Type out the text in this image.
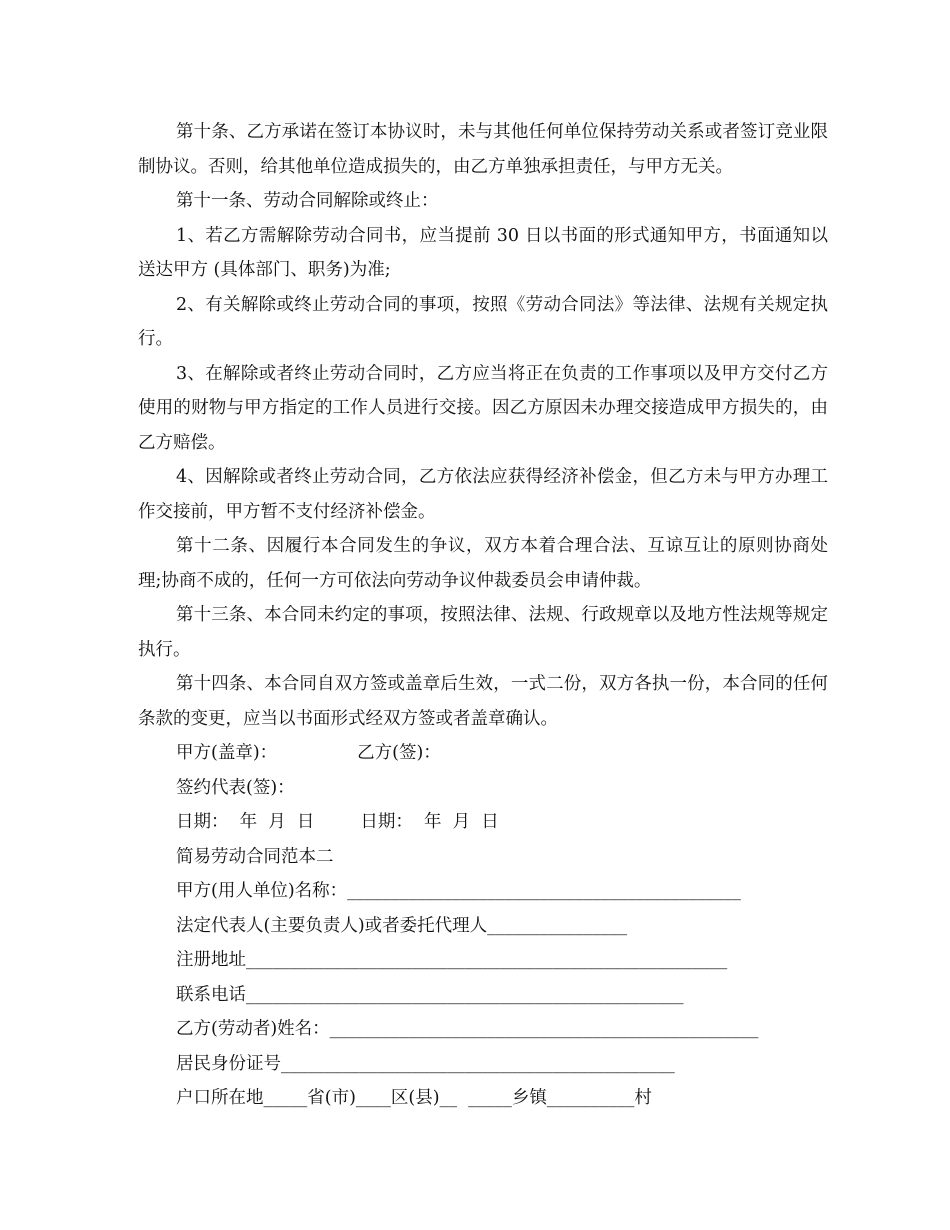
第十条、乙方承诺在签订本协议时，未与其他任何单位保持劳动关系或者签订竞业限制协议。否则，给其他单位造成损失的，由乙方单独承担责任，与甲方无关。

第十一条、劳动合同解除或终止：

1、若乙方需解除劳动合同书，应当提前 30 日以书面的形式通知甲方，书面通知以送达甲方 (具体部门、职务)为准;

2、有关解除或终止劳动合同的事项，按照《劳动合同法》等法律、法规有关规定执行。

3、在解除或者终止劳动合同时，乙方应当将正在负责的工作事项以及甲方交付乙方使用的财物与甲方指定的工作人员进行交接。因乙方原因未办理交接造成甲方损失的，由乙方赔偿。

4、因解除或者终止劳动合同，乙方依法应获得经济补偿金，但乙方未与甲方办理工作交接前，甲方暂不支付经济补偿金。

第十二条、因履行本合同发生的争议，双方本着合理合法、互谅互让的原则协商处理;协商不成的，任何一方可依法向劳动争议仲裁委员会申请仲裁。

第十三条、本合同未约定的事项，按照法律、法规、行政规章以及地方性法规等规定执行。

第十四条、本合同自双方签或盖章后生效，一式二份，双方各执一份，本合同的任何条款的变更，应当以书面形式经双方签或者盖章确认。

甲方(盖章)：	乙方(签)：

签约代表(签)：

日期：  年  月  日	日期：  年  月  日

简易劳动合同范本二

甲方(用人单位)名称：_____________________________________________

法定代表人(主要负责人)或者委托代理人________________

注册地址_______________________________________________________

联系电话__________________________________________________

乙方(劳动者)姓名：_________________________________________________

居民身份证号_____________________________________________

户口所在地_____省(市)____区(县)__  _____乡镇__________村
